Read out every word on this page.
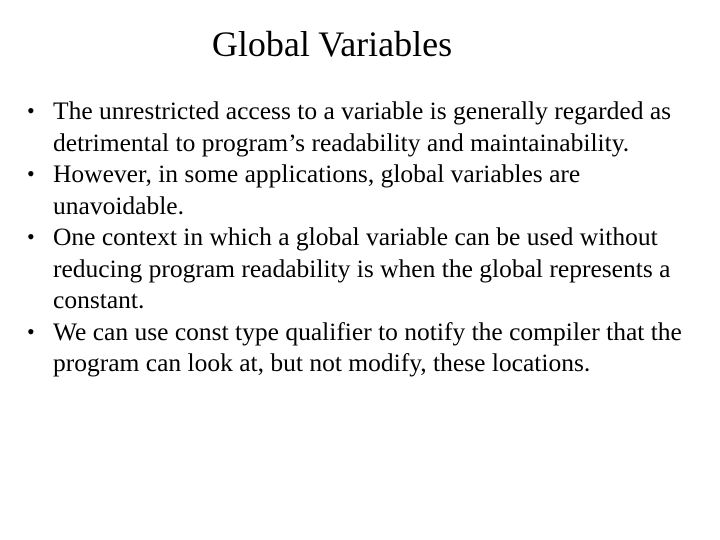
Global Variables
• The unrestricted access to a variable is generally regarded as detrimental to program’s readability and maintainability.
• However, in some applications, global variables are unavoidable.
• One context in which a global variable can be used without reducing program readability is when the global represents a constant.
• We can use const type qualifier to notify the compiler that the program can look at, but not modify, these locations.
